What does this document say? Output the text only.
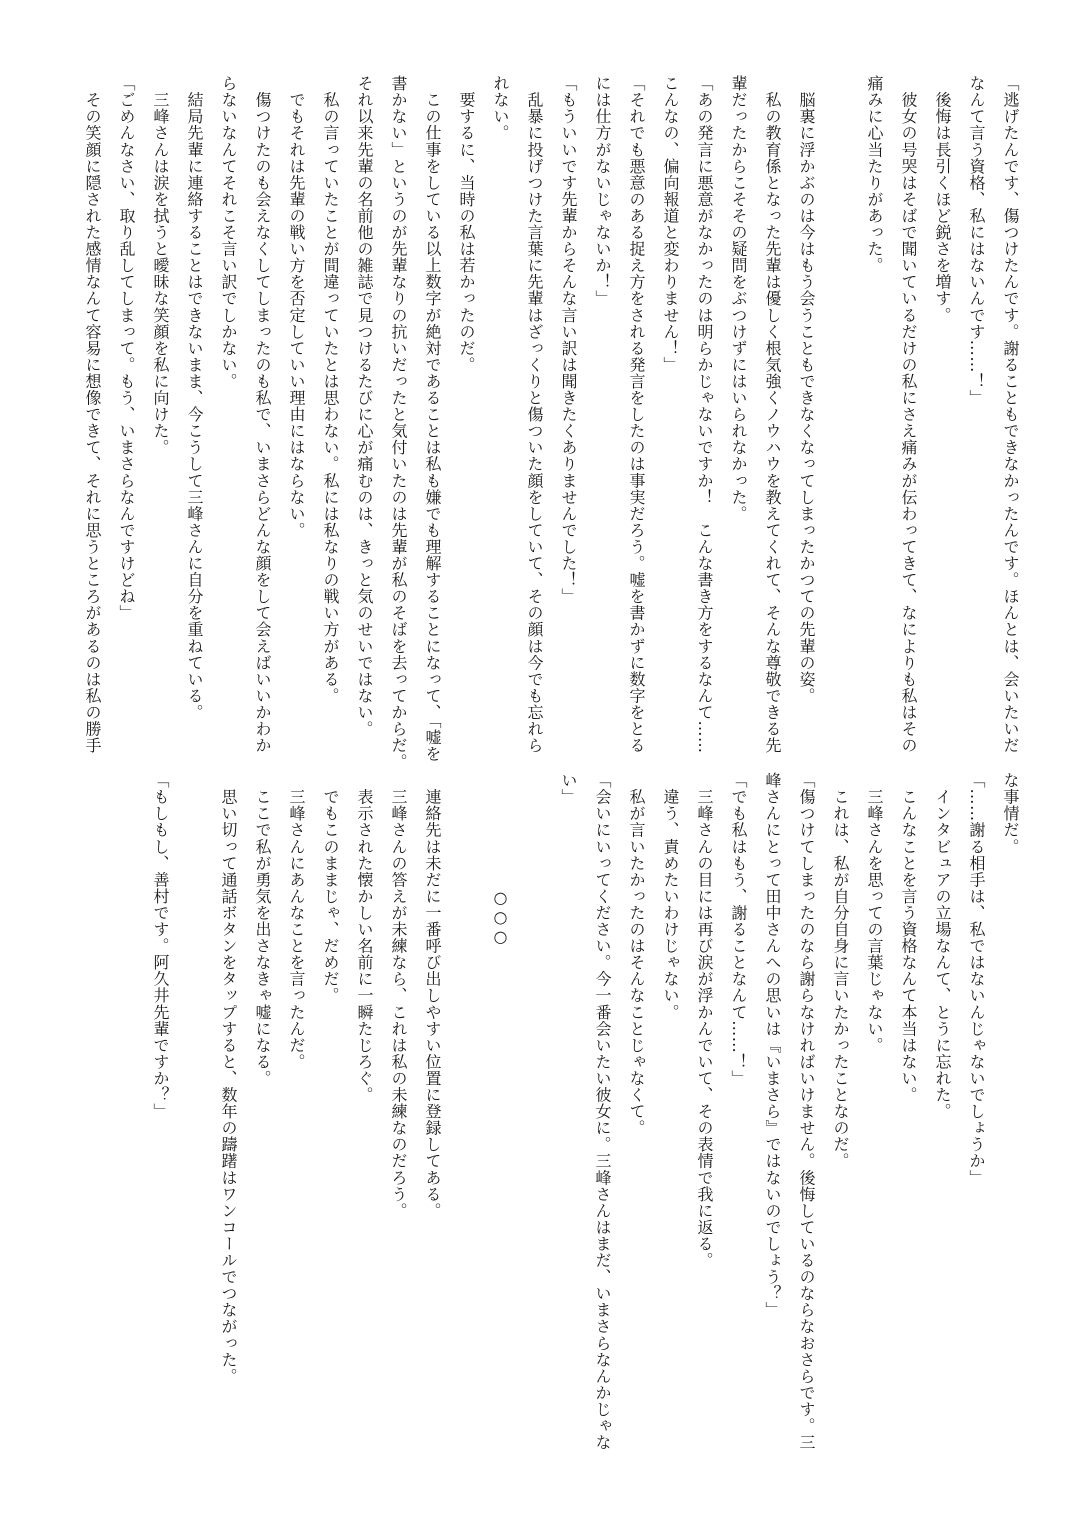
「逃げたんです、傷つけたんです。謝ることもできなかったんです。ほんとは、会いたいだ
なんて言う資格、私にはないんです……！」
　後悔は長引くほど鋭さを増す。
　彼女の号哭はそばで聞いているだけの私にさえ痛みが伝わってきて、なによりも私はその
痛みに心当たりがあった。
　脳裏に浮かぶのは今はもう会うこともできなくなってしまったかつての先輩の姿。
　私の教育係となった先輩は優しく根気強くノウハウを教えてくれて、そんな尊敬できる先
輩だったからこそその疑問をぶつけずにはいられなかった。
「あの発言に悪意がなかったのは明らかじゃないですか！　こんな書き方をするなんて……
こんなの、偏向報道と変わりません！」
「それでも悪意のある捉え方をされる発言をしたのは事実だろう。嘘を書かずに数字をとる
には仕方がないじゃないか！」
「もういいです先輩からそんな言い訳は聞きたくありませんでした！」
　乱暴に投げつけた言葉に先輩はざっくりと傷ついた顔をしていて、その顔は今でも忘れら
れない。
　要するに、当時の私は若かったのだ。
　この仕事をしている以上数字が絶対であることは私も嫌でも理解することになって、「嘘を
書かない」というのが先輩なりの抗いだったと気付いたのは先輩が私のそばを去ってからだ。
それ以来先輩の名前他の雑誌で見つけるたびに心が痛むのは、きっと気のせいではない。
　私の言っていたことが間違っていたとは思わない。私には私なりの戦い方がある。
　でもそれは先輩の戦い方を否定していい理由にはならない。
　傷つけたのも会えなくしてしまったのも私で、いまさらどんな顔をして会えばいいかわか
らないなんてそれこそ言い訳でしかない。
　結局先輩に連絡することはできないまま、今こうして三峰さんに自分を重ねている。
　三峰さんは涙を拭うと曖昧な笑顔を私に向けた。
「ごめんなさい、取り乱してしまって。もう、いまさらなんですけどね」
　その笑顔に隠された感情なんて容易に想像できて、それに思うところがあるのは私の勝手
な事情だ。
「……謝る相手は、私ではないんじゃないでしょうか」
　インタビュアの立場なんて、とうに忘れた。
　こんなことを言う資格なんて本当はない。
　三峰さんを思っての言葉じゃない。
　これは、私が自分自身に言いたかったことなのだ。
「傷つけてしまったのなら謝らなければいけません。後悔しているのならなおさらです。三
峰さんにとって田中さんへの思いは『いまさら』ではないのでしょう？」
「でも私はもう、謝ることなんて……！」
　三峰さんの目には再び涙が浮かんでいて、その表情で我に返る。
　違う、責めたいわけじゃない。
　私が言いたかったのはそんなことじゃなくて。
「会いにいってください。今一番会いたい彼女に。三峰さんはまだ、いまさらなんかじゃな
い」
　　　　　　　○○○
　連絡先は未だに一番呼び出しやすい位置に登録してある。
　三峰さんの答えが未練なら、これは私の未練なのだろう。
　表示された懐かしい名前に一瞬たじろぐ。
　でもこのままじゃ、だめだ。
　三峰さんにあんなことを言ったんだ。
　ここで私が勇気を出さなきゃ嘘になる。
　思い切って通話ボタンをタップすると、数年の躊躇はワンコールでつながった。
「もしもし、善村です。阿久井先輩ですか？」
